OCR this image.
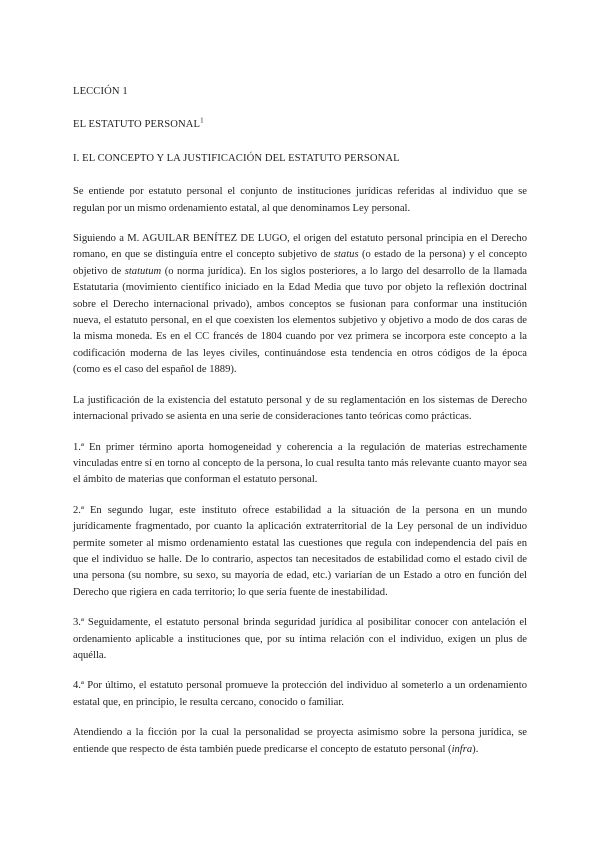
LECCIÓN 1
EL ESTATUTO PERSONAL$^1$
I. EL CONCEPTO Y LA JUSTIFICACIÓN DEL ESTATUTO PERSONAL

Se entiende por estatuto personal el conjunto de instituciones jurídicas referidas al individuo que se regulan por un mismo ordenamiento estatal, al que denominamos Ley personal.

Siguiendo a M. AGUILAR BENÍTEZ DE LUGO, el origen del estatuto personal principia en el Derecho romano, en que se distinguía entre el concepto subjetivo de status (o estado de la persona) y el concepto objetivo de statutum (o norma jurídica). En los siglos posteriores, a lo largo del desarrollo de la llamada Estatutaria (movimiento científico iniciado en la Edad Media que tuvo por objeto la reflexión doctrinal sobre el Derecho internacional privado), ambos conceptos se fusionan para conformar una institución nueva, el estatuto personal, en el que coexisten los elementos subjetivo y objetivo a modo de dos caras de la misma moneda. Es en el CC francés de 1804 cuando por vez primera se incorpora este concepto a la codificación moderna de las leyes civiles, continuándose esta tendencia en otros códigos de la época (como es el caso del español de 1889).

La justificación de la existencia del estatuto personal y de su reglamentación en los sistemas de Derecho internacional privado se asienta en una serie de consideraciones tanto teóricas como prácticas.

1.ª En primer término aporta homogeneidad y coherencia a la regulación de materias estrechamente vinculadas entre sí en torno al concepto de la persona, lo cual resulta tanto más relevante cuanto mayor sea el ámbito de materias que conforman el estatuto personal.

2.ª En segundo lugar, este instituto ofrece estabilidad a la situación de la persona en un mundo jurídicamente fragmentado, por cuanto la aplicación extraterritorial de la Ley personal de un individuo permite someter al mismo ordenamiento estatal las cuestiones que regula con independencia del país en que el individuo se halle. De lo contrario, aspectos tan necesitados de estabilidad como el estado civil de una persona (su nombre, su sexo, su mayoría de edad, etc.) variarían de un Estado a otro en función del Derecho que rigiera en cada territorio; lo que sería fuente de inestabilidad.

3.ª Seguidamente, el estatuto personal brinda seguridad jurídica al posibilitar conocer con antelación el ordenamiento aplicable a instituciones que, por su íntima relación con el individuo, exigen un plus de aquélla.

4.ª Por último, el estatuto personal promueve la protección del individuo al someterlo a un ordenamiento estatal que, en principio, le resulta cercano, conocido o familiar.

Atendiendo a la ficción por la cual la personalidad se proyecta asimismo sobre la persona jurídica, se entiende que respecto de ésta también puede predicarse el concepto de estatuto personal (infra).
